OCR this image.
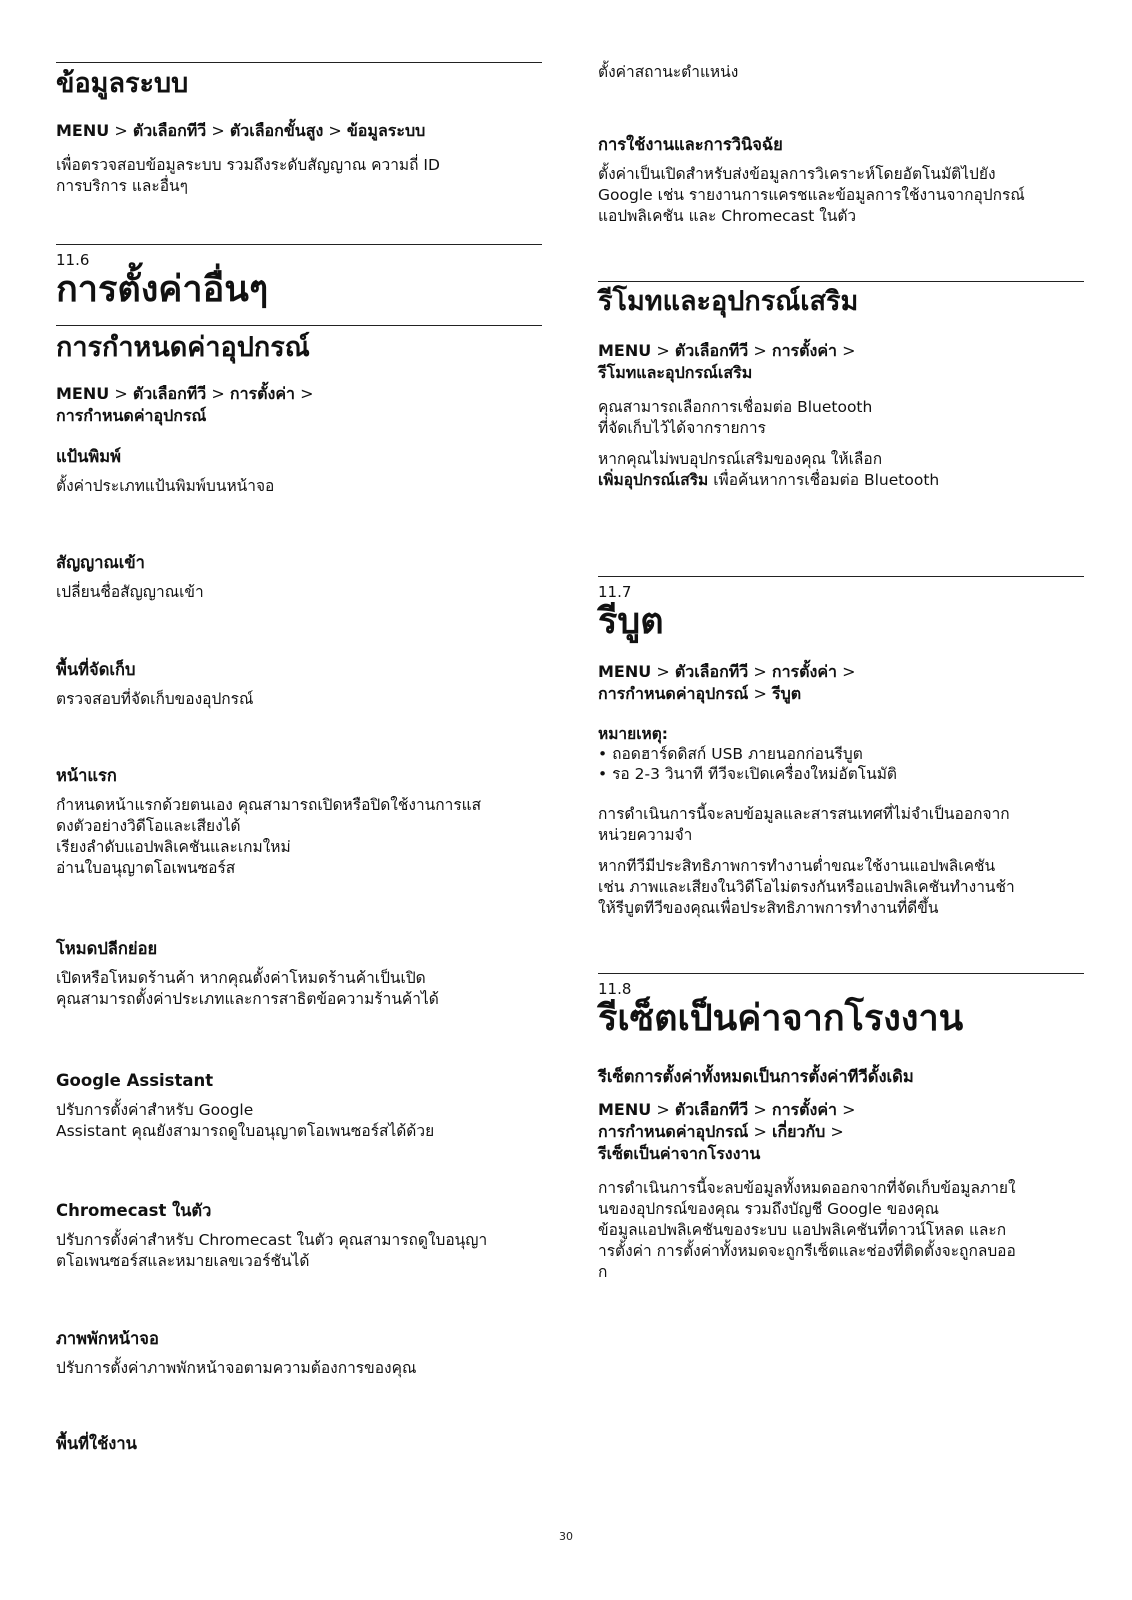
ข้อมูลระบบ

MENU > ตัวเลือกทีวี > ตัวเลือกขั้นสูง > ข้อมูลระบบ

เพื่อตรวจสอบข้อมูลระบบ รวมถึงระดับสัญญาณ ความถี่ ID
การบริการ และอื่นๆ

11.6
การตั้งค่าอื่นๆ
การกำหนดค่าอุปกรณ์

MENU > ตัวเลือกทีวี > การตั้งค่า >
การกำหนดค่าอุปกรณ์

แป้นพิมพ์

ตั้งค่าประเภทแป้นพิมพ์บนหน้าจอ

สัญญาณเข้า

เปลี่ยนชื่อสัญญาณเข้า

พื้นที่จัดเก็บ

ตรวจสอบที่จัดเก็บของอุปกรณ์

หน้าแรก

กำหนดหน้าแรกด้วยตนเอง คุณสามารถเปิดหรือปิดใช้งานการแส
ดงตัวอย่างวิดีโอและเสียงได้
เรียงลำดับแอปพลิเคชันและเกมใหม่
อ่านใบอนุญาตโอเพนซอร์ส

โหมดปลีกย่อย

เปิดหรือโหมดร้านค้า หากคุณตั้งค่าโหมดร้านค้าเป็นเปิด
คุณสามารถตั้งค่าประเภทและการสาธิตข้อความร้านค้าได้

Google Assistant

ปรับการตั้งค่าสำหรับ Google
Assistant คุณยังสามารถดูใบอนุญาตโอเพนซอร์สได้ด้วย

Chromecast ในตัว

ปรับการตั้งค่าสำหรับ Chromecast ในตัว คุณสามารถดูใบอนุญา
ตโอเพนซอร์สและหมายเลขเวอร์ชันได้

ภาพพักหน้าจอ

ปรับการตั้งค่าภาพพักหน้าจอตามความต้องการของคุณ

พื้นที่ใช้งาน

ตั้งค่าสถานะตำแหน่ง

การใช้งานและการวินิจฉัย

ตั้งค่าเป็นเปิดสำหรับส่งข้อมูลการวิเคราะห์โดยอัตโนมัติไปยัง
Google เช่น รายงานการแครชและข้อมูลการใช้งานจากอุปกรณ์
แอปพลิเคชัน และ Chromecast ในตัว

รีโมทและอุปกรณ์เสริม

MENU > ตัวเลือกทีวี > การตั้งค่า >
รีโมทและอุปกรณ์เสริม

คุณสามารถเลือกการเชื่อมต่อ Bluetooth
ที่จัดเก็บไว้ได้จากรายการ

หากคุณไม่พบอุปกรณ์เสริมของคุณ ให้เลือก
เพิ่มอุปกรณ์เสริม เพื่อค้นหาการเชื่อมต่อ Bluetooth

11.7
รีบูต

MENU > ตัวเลือกทีวี > การตั้งค่า >
การกำหนดค่าอุปกรณ์ > รีบูต

หมายเหตุ:

• ถอดฮาร์ดดิสก์ USB ภายนอกก่อนรีบูต
• รอ 2-3 วินาที ทีวีจะเปิดเครื่องใหม่อัตโนมัติ

การดำเนินการนี้จะลบข้อมูลและสารสนเทศที่ไม่จำเป็นออกจาก
หน่วยความจำ

หากทีวีมีประสิทธิภาพการทำงานต่ำขณะใช้งานแอปพลิเคชัน
เช่น ภาพและเสียงในวิดีโอไม่ตรงกันหรือแอปพลิเคชันทำงานช้า
ให้รีบูตทีวีของคุณเพื่อประสิทธิภาพการทำงานที่ดีขึ้น

11.8
รีเซ็ตเป็นค่าจากโรงงาน
รีเซ็ตการตั้งค่าทั้งหมดเป็นการตั้งค่าทีวีดั้งเดิม

MENU > ตัวเลือกทีวี > การตั้งค่า >
การกำหนดค่าอุปกรณ์ > เกี่ยวกับ >
รีเซ็ตเป็นค่าจากโรงงาน

การดำเนินการนี้จะลบข้อมูลทั้งหมดออกจากที่จัดเก็บข้อมูลภายใ
นของอุปกรณ์ของคุณ รวมถึงบัญชี Google ของคุณ
ข้อมูลแอปพลิเคชันของระบบ แอปพลิเคชันที่ดาวน์โหลด และก
ารตั้งค่า การตั้งค่าทั้งหมดจะถูกรีเซ็ตและช่องที่ติดตั้งจะถูกลบออ
ก

30
